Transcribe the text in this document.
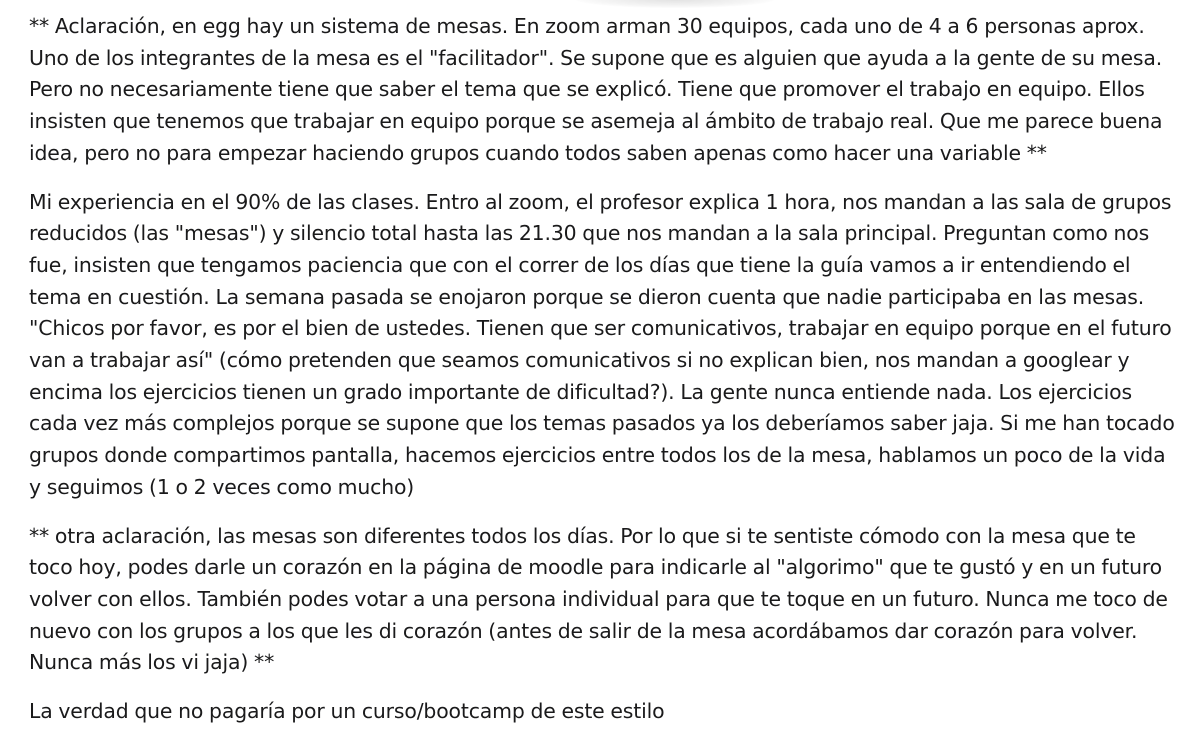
** Aclaración, en egg hay un sistema de mesas. En zoom arman 30 equipos, cada uno de 4 a 6 personas aprox. Uno de los integrantes de la mesa es el "facilitador". Se supone que es alguien que ayuda a la gente de su mesa. Pero no necesariamente tiene que saber el tema que se explicó. Tiene que promover el trabajo en equipo. Ellos insisten que tenemos que trabajar en equipo porque se asemeja al ámbito de trabajo real. Que me parece buena idea, pero no para empezar haciendo grupos cuando todos saben apenas como hacer una variable **

Mi experiencia en el 90% de las clases. Entro al zoom, el profesor explica 1 hora, nos mandan a las sala de grupos reducidos (las "mesas") y silencio total hasta las 21.30 que nos mandan a la sala principal. Preguntan como nos fue, insisten que tengamos paciencia que con el correr de los días que tiene la guía vamos a ir entendiendo el tema en cuestión. La semana pasada se enojaron porque se dieron cuenta que nadie participaba en las mesas. "Chicos por favor, es por el bien de ustedes. Tienen que ser comunicativos, trabajar en equipo porque en el futuro van a trabajar así" (cómo pretenden que seamos comunicativos si no explican bien, nos mandan a googlear y encima los ejercicios tienen un grado importante de dificultad?). La gente nunca entiende nada. Los ejercicios cada vez más complejos porque se supone que los temas pasados ya los deberíamos saber jaja. Si me han tocado grupos donde compartimos pantalla, hacemos ejercicios entre todos los de la mesa, hablamos un poco de la vida y seguimos (1 o 2 veces como mucho)

** otra aclaración, las mesas son diferentes todos los días. Por lo que si te sentiste cómodo con la mesa que te toco hoy, podes darle un corazón en la página de moodle para indicarle al "algorimo" que te gustó y en un futuro volver con ellos. También podes votar a una persona individual para que te toque en un futuro. Nunca me toco de nuevo con los grupos a los que les di corazón (antes de salir de la mesa acordábamos dar corazón para volver. Nunca más los vi jaja) **

La verdad que no pagaría por un curso/bootcamp de este estilo
